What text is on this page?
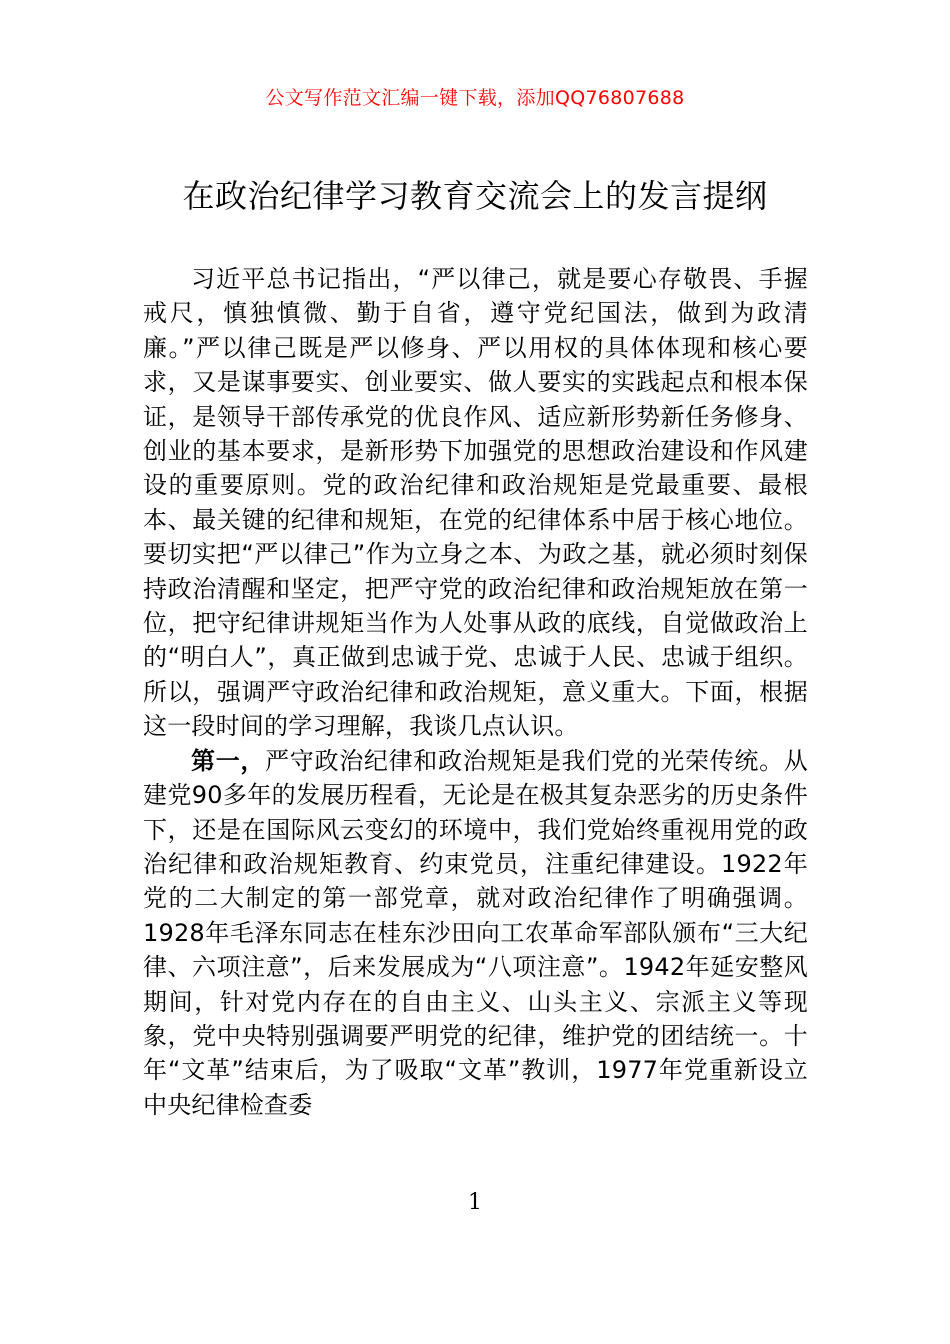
公文写作范文汇编一键下载，添加QQ76807688
在政治纪律学习教育交流会上的发言提纲

习近平总书记指出，“严以律己，就是要心存敬畏、手握戒尺，慎独慎微、勤于自省，遵守党纪国法，做到为政清廉。”严以律己既是严以修身、严以用权的具体体现和核心要求，又是谋事要实、创业要实、做人要实的实践起点和根本保证，是领导干部传承党的优良作风、适应新形势新任务修身、创业的基本要求，是新形势下加强党的思想政治建设和作风建设的重要原则。党的政治纪律和政治规矩是党最重要、最根本、最关键的纪律和规矩，在党的纪律体系中居于核心地位。要切实把“严以律己”作为立身之本、为政之基，就必须时刻保持政治清醒和坚定，把严守党的政治纪律和政治规矩放在第一位，把守纪律讲规矩当作为人处事从政的底线，自觉做政治上的“明白人”，真正做到忠诚于党、忠诚于人民、忠诚于组织。所以，强调严守政治纪律和政治规矩，意义重大。下面，根据这一段时间的学习理解，我谈几点认识。

第一，严守政治纪律和政治规矩是我们党的光荣传统。从建党90多年的发展历程看，无论是在极其复杂恶劣的历史条件下，还是在国际风云变幻的环境中，我们党始终重视用党的政治纪律和政治规矩教育、约束党员，注重纪律建设。1922年党的二大制定的第一部党章，就对政治纪律作了明确强调。1928年毛泽东同志在桂东沙田向工农革命军部队颁布“三大纪律、六项注意”，后来发展成为“八项注意”。1942年延安整风期间，针对党内存在的自由主义、山头主义、宗派主义等现象，党中央特别强调要严明党的纪律，维护党的团结统一。十年“文革”结束后，为了吸取“文革”教训，1977年党重新设立中央纪律检查委

1
